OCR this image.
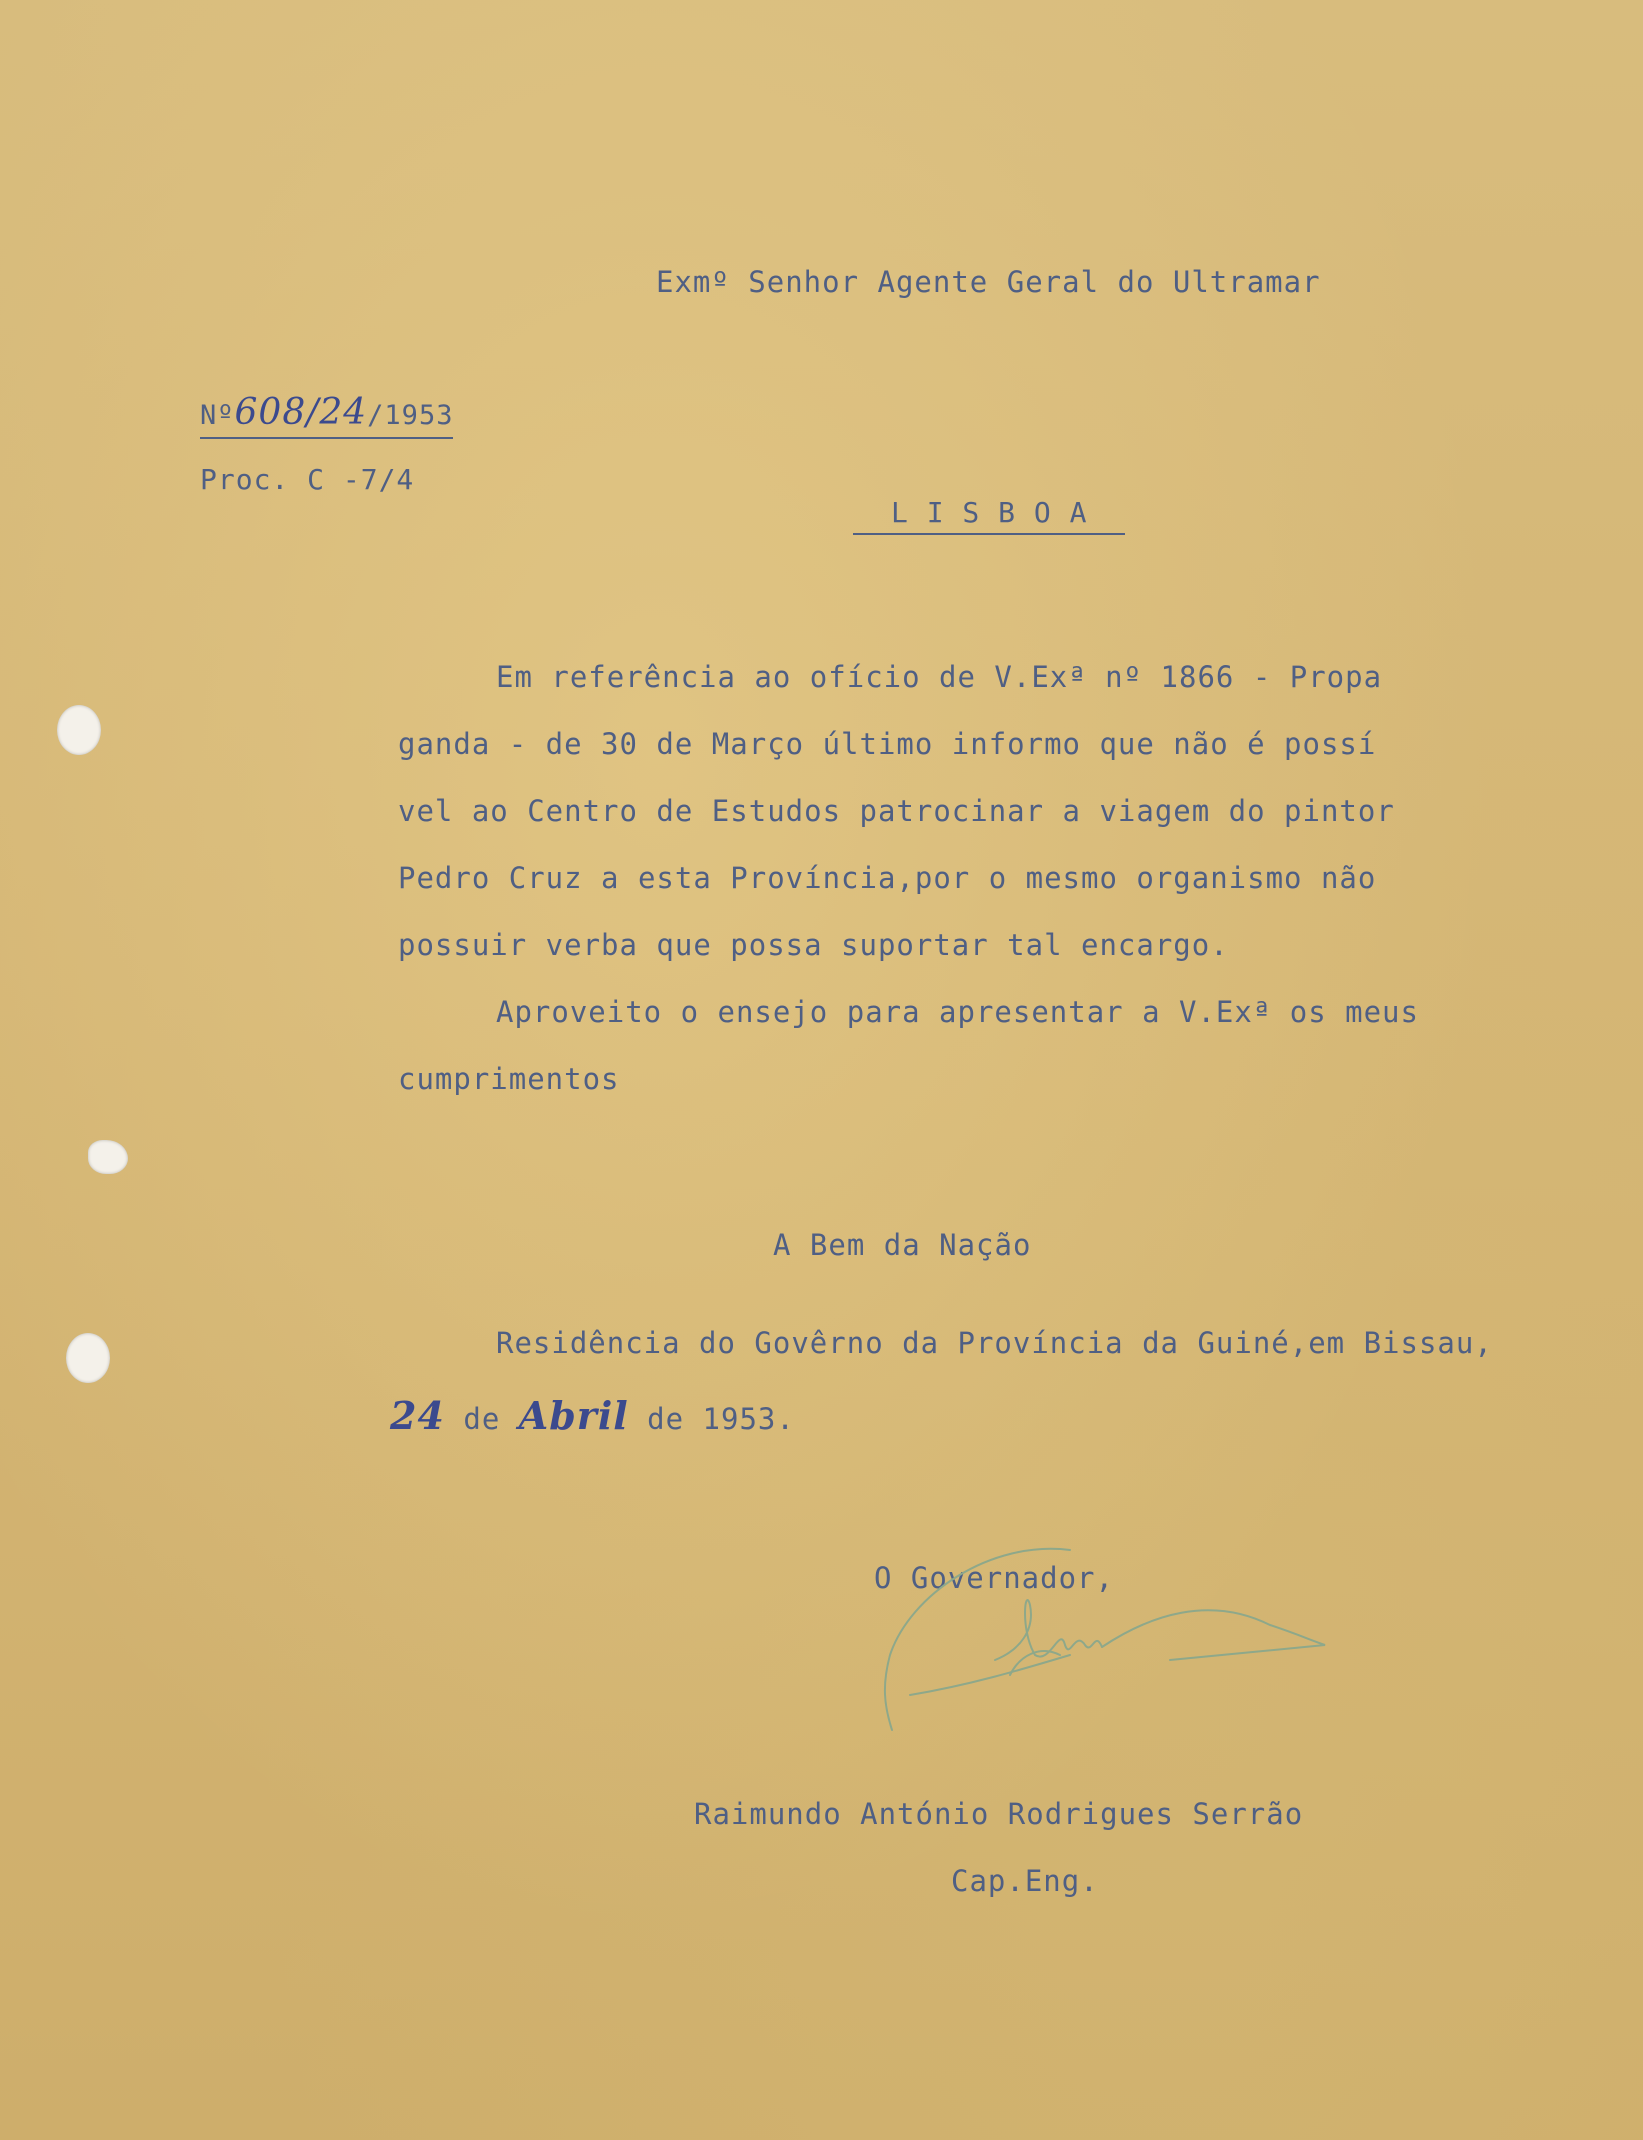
Exmº Senhor Agente Geral do Ultramar
Nº608/24/1953
Proc. C -7/4
L I S B O A
Em referência ao ofício de V.Exª nº 1866 - Propa
ganda - de 30 de Março último informo que não é possí
vel ao Centro de Estudos patrocinar a viagem do pintor
Pedro Cruz a esta Província,por o mesmo organismo não
possuir verba que possa suportar tal encargo.
Aproveito o ensejo para apresentar a V.Exª os meus
cumprimentos
A Bem da Nação
Residência do Govêrno da Província da Guiné,em Bissau,
24 de Abril de 1953.
O Governador,
Raimundo António Rodrigues Serrão
Cap.Eng.
